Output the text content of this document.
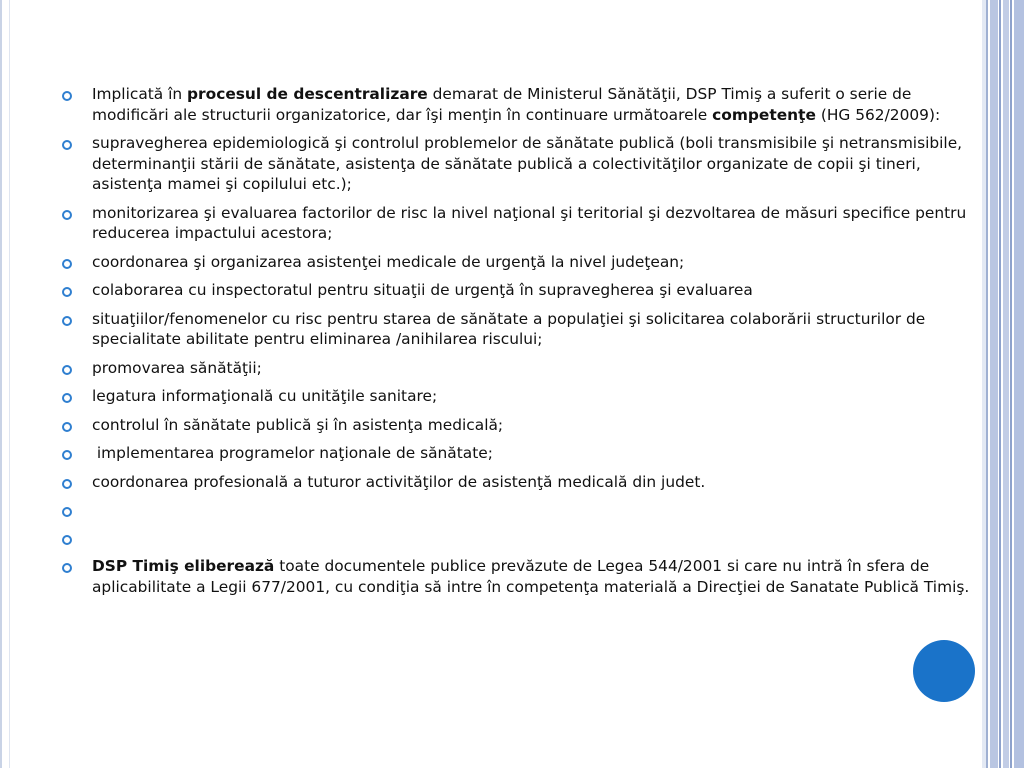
Implicată în procesul de descentralizare demarat de Ministerul Sănătăţii, DSP Timiş a suferit o serie de modificări ale structurii organizatorice, dar îşi menţin în continuare următoarele competenţe (HG 562/2009):
supravegherea epidemiologică şi controlul problemelor de sănătate publică (boli transmisibile şi netransmisibile, determinanţii stării de sănătate, asistenţa de sănătate publică a colectivităţilor organizate de copii şi tineri, asistenţa mamei şi copilului etc.);
monitorizarea şi evaluarea factorilor de risc la nivel naţional şi teritorial şi dezvoltarea de măsuri specifice pentru reducerea impactului acestora;
coordonarea şi organizarea asistenţei medicale de urgenţă la nivel judeţean;
colaborarea cu inspectoratul pentru situaţii de urgenţă în supravegherea şi evaluarea
situaţiilor/fenomenelor cu risc pentru starea de sănătate a populaţiei şi solicitarea colaborării structurilor de specialitate abilitate pentru eliminarea /anihilarea riscului;
promovarea sănătăţii;
legatura informaţională cu unităţile sanitare;
controlul în sănătate publică şi în asistenţa medicală;
implementarea programelor naţionale de sănătate;
coordonarea profesională a tuturor activităţilor de asistenţă medicală din judet.
DSP Timiş eliberează toate documentele publice prevăzute de Legea 544/2001 si care nu intră în sfera de aplicabilitate a Legii 677/2001, cu condiţia să intre în competenţa materială a Direcţiei de Sanatate Publică Timiş.
